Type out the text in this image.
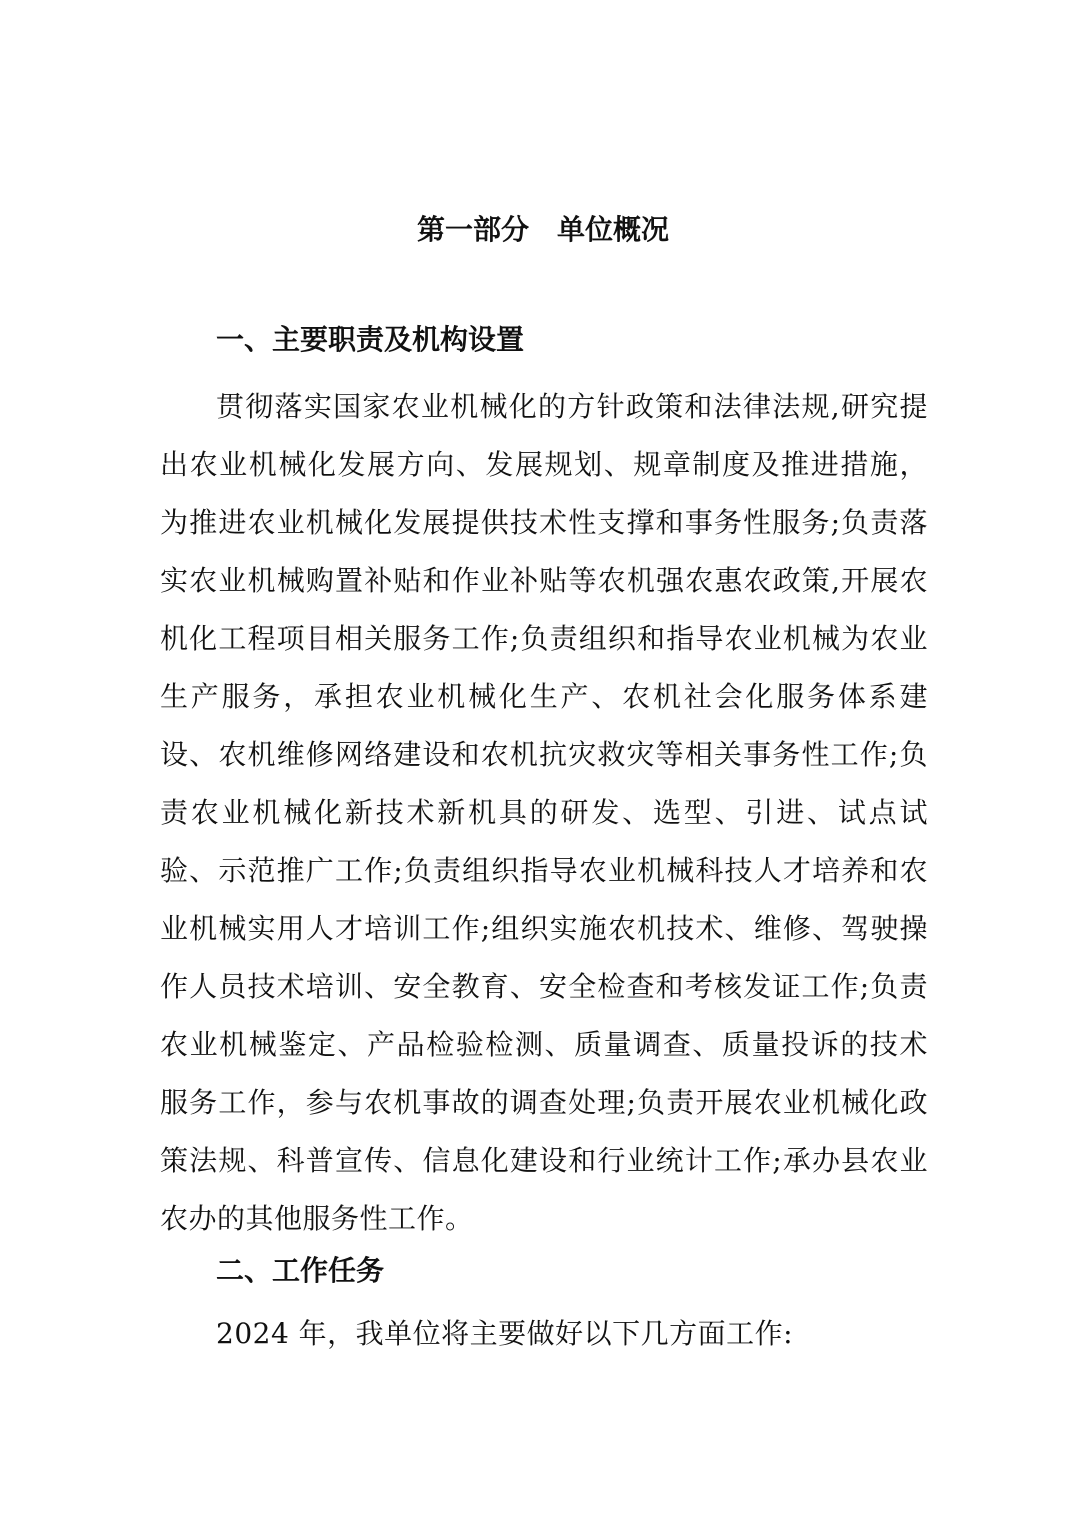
第一部分　单位概况
一、主要职责及机构设置
贯彻落实国家农业机械化的方针政策和法律法规,研究提出农业机械化发展方向、发展规划、规章制度及推进措施，为推进农业机械化发展提供技术性支撑和事务性服务;负责落实农业机械购置补贴和作业补贴等农机强农惠农政策,开展农机化工程项目相关服务工作;负责组织和指导农业机械为农业生产服务，承担农业机械化生产、农机社会化服务体系建设、农机维修网络建设和农机抗灾救灾等相关事务性工作;负责农业机械化新技术新机具的研发、选型、引进、试点试验、示范推广工作;负责组织指导农业机械科技人才培养和农业机械实用人才培训工作;组织实施农机技术、维修、驾驶操作人员技术培训、安全教育、安全检查和考核发证工作;负责农业机械鉴定、产品检验检测、质量调查、质量投诉的技术服务工作，参与农机事故的调查处理;负责开展农业机械化政策法规、科普宣传、信息化建设和行业统计工作;承办县农业农办的其他服务性工作。
二、工作任务
2024 年，我单位将主要做好以下几方面工作:
